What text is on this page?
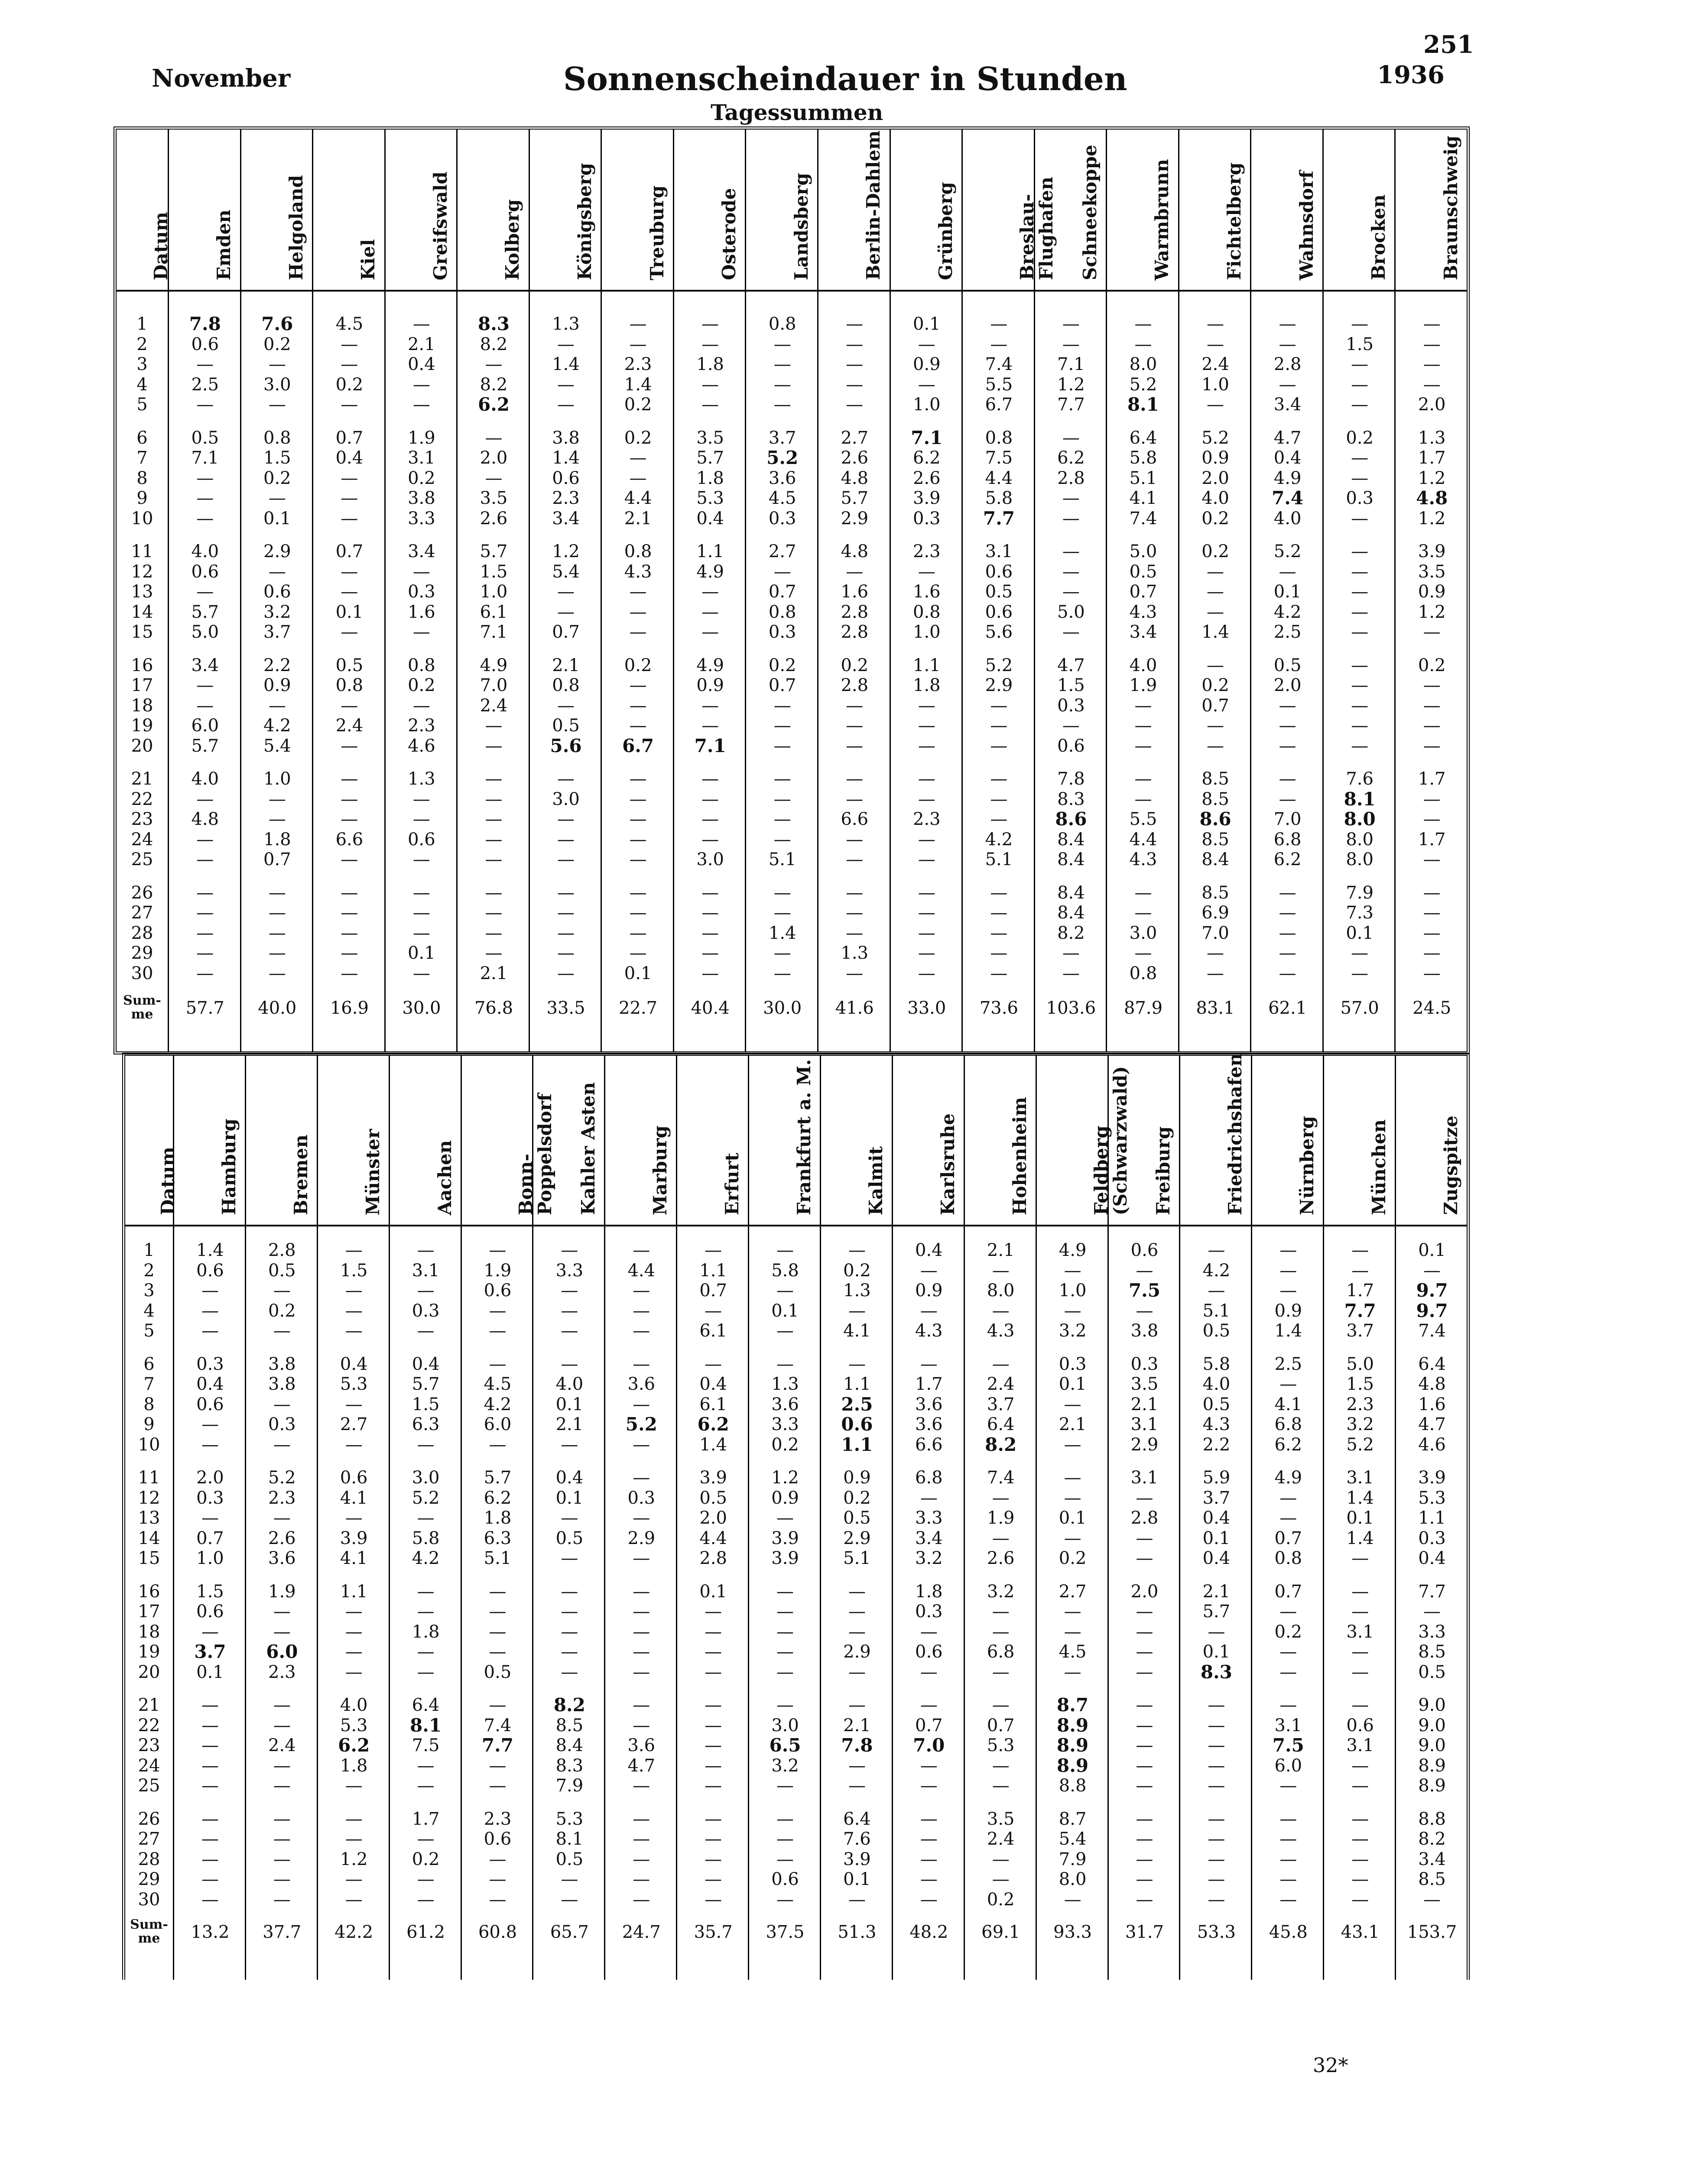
November	Sonnenscheindauer in Stunden
Tagessummen
251
1936
Datum
1
2
3
4
5
6
7
8
9
10
11
12
13
14
15
16
17
18
19
20
21
22
23
24
25
26
27
28
29
30
Sum-
me
Emden
7.8
0.6
—
2.5
—
0.5
7.1
—
—
—
4.0
0.6
—
5.7
5.0
3.4
—
—
6.0
5.7
4.0
—
4.8
—
—
—
—
—
—
—
57.7
Helgoland
7.6
0.2
—
3.0
—
0.8
1.5
0.2
—
0.1
2.9
—
0.6
3.2
3.7
2.2
0.9
—
4.2
5.4
1.0
—
—
1.8
0.7
—
—
—
—
—
40.0
Kiel
4.5
—
—
0.2
—
0.7
0.4
—
—
—
0.7
—
—
0.1
—
0.5
0.8
—
2.4
—
—
—
—
6.6
—
—
—
—
—
—
16.9
Greifswald
—
2.1
0.4
—
—
1.9
3.1
0.2
3.8
3.3
3.4
—
0.3
1.6
—
0.8
0.2
—
2.3
4.6
1.3
—
—
0.6
—
—
—
—
0.1
—
30.0
Kolberg
8.3
8.2
—
8.2
6.2
—
2.0
—
3.5
2.6
5.7
1.5
1.0
6.1
7.1
4.9
7.0
2.4
—
—
—
—
—
—
—
—
—
—
—
2.1
76.8
Königsberg
1.3
—
1.4
—
—
3.8
1.4
0.6
2.3
3.4
1.2
5.4
—
—
0.7
2.1
0.8
—
0.5
5.6
—
3.0
—
—
—
—
—
—
—
—
33.5
Treuburg
—
—
2.3
1.4
0.2
0.2
—
—
4.4
2.1
0.8
4.3
—
—
—
0.2
—
—
—
6.7
—
—
—
—
—
—
—
—
—
0.1
22.7
Osterode
—
—
1.8
—
—
3.5
5.7
1.8
5.3
0.4
1.1
4.9
—
—
—
4.9
0.9
—
—
7.1
—
—
—
—
3.0
—
—
—
—
—
40.4
Landsberg
0.8
—
—
—
—
3.7
5.2
3.6
4.5
0.3
2.7
—
0.7
0.8
0.3
0.2
0.7
—
—
—
—
—
—
—
5.1
—
—
1.4
—
—
30.0
Berlin-Dahlem
—
—
—
—
—
2.7
2.6
4.8
5.7
2.9
4.8
—
1.6
2.8
2.8
0.2
2.8
—
—
—
—
—
6.6
—
—
—
—
—
1.3
—
41.6
Grünberg
0.1
—
0.9
—
1.0
7.1
6.2
2.6
3.9
0.3
2.3
—
1.6
0.8
1.0
1.1
1.8
—
—
—
—
—
2.3
—
—
—
—
—
—
—
33.0
Breslau-
Flughafen
—
—
7.4
5.5
6.7
0.8
7.5
4.4
5.8
7.7
3.1
0.6
0.5
0.6
5.6
5.2
2.9
—
—
—
—
—
—
4.2
5.1
—
—
—
—
—
73.6
Schneekoppe
—
—
7.1
1.2
7.7
—
6.2
2.8
—
—
—
—
—
5.0
—
4.7
1.5
0.3
—
0.6
7.8
8.3
8.6
8.4
8.4
8.4
8.4
8.2
—
—
103.6
Warmbrunn
—
—
8.0
5.2
8.1
6.4
5.8
5.1
4.1
7.4
5.0
0.5
0.7
4.3
3.4
4.0
1.9
—
—
—
—
—
5.5
4.4
4.3
—
—
3.0
—
0.8
87.9
Fichtelberg
—
—
2.4
1.0
—
5.2
0.9
2.0
4.0
0.2
0.2
—
—
—
1.4
—
0.2
0.7
—
—
8.5
8.5
8.6
8.5
8.4
8.5
6.9
7.0
—
—
83.1
Wahnsdorf
—
—
2.8
—
3.4
4.7
0.4
4.9
7.4
4.0
5.2
—
0.1
4.2
2.5
0.5
2.0
—
—
—
—
—
7.0
6.8
6.2
—
—
—
—
—
62.1
Brocken
—
1.5
—
—
—
0.2
—
—
0.3
—
—
—
—
—
—
—
—
—
—
—
7.6
8.1
8.0
8.0
8.0
7.9
7.3
0.1
—
—
57.0
Braunschweig
—
—
—
—
2.0
1.3
1.7
1.2
4.8
1.2
3.9
3.5
0.9
1.2
—
0.2
—
—
—
—
1.7
—
—
1.7
—
—
—
—
—
—
24.5
Datum
1
2
3
4
5
6
7
8
9
10
11
12
13
14
15
16
17
18
19
20
21
22
23
24
25
26
27
28
29
30
Sum-
me
Hamburg
1.4
0.6
—
—
—
0.3
0.4
0.6
—
—
2.0
0.3
—
0.7
1.0
1.5
0.6
—
3.7
0.1
—
—
—
—
—
—
—
—
—
—
13.2
Bremen
2.8
0.5
—
0.2
—
3.8
3.8
—
0.3
—
5.2
2.3
—
2.6
3.6
1.9
—
—
6.0
2.3
—
—
2.4
—
—
—
—
—
—
—
37.7
Münster
—
1.5
—
—
—
0.4
5.3
—
2.7
—
0.6
4.1
—
3.9
4.1
1.1
—
—
—
—
4.0
5.3
6.2
1.8
—
—
—
1.2
—
—
42.2
Aachen
—
3.1
—
0.3
—
0.4
5.7
1.5
6.3
—
3.0
5.2
—
5.8
4.2
—
—
1.8
—
—
6.4
8.1
7.5
—
—
1.7
—
0.2
—
—
61.2
Bonn-
Poppelsdorf
—
1.9
0.6
—
—
—
4.5
4.2
6.0
—
5.7
6.2
1.8
6.3
5.1
—
—
—
—
0.5
—
7.4
7.7
—
—
2.3
0.6
—
—
—
60.8
Kahler Asten
—
3.3
—
—
—
—
4.0
0.1
2.1
—
0.4
0.1
—
0.5
—
—
—
—
—
—
8.2
8.5
8.4
8.3
7.9
5.3
8.1
0.5
—
—
65.7
Marburg
—
4.4
—
—
—
—
3.6
—
5.2
—
—
0.3
—
2.9
—
—
—
—
—
—
—
—
3.6
4.7
—
—
—
—
—
—
24.7
Erfurt
—
1.1
0.7
—
6.1
—
0.4
6.1
6.2
1.4
3.9
0.5
2.0
4.4
2.8
0.1
—
—
—
—
—
—
—
—
—
—
—
—
—
—
35.7
Frankfurt a. M.
—
5.8
—
0.1
—
—
1.3
3.6
3.3
0.2
1.2
0.9
—
3.9
3.9
—
—
—
—
—
—
3.0
6.5
3.2
—
—
—
—
0.6
—
37.5
Kalmit
—
0.2
1.3
—
4.1
—
1.1
2.5
0.6
1.1
0.9
0.2
0.5
2.9
5.1
—
—
—
2.9
—
—
2.1
7.8
—
—
6.4
7.6
3.9
0.1
—
51.3
Karlsruhe
0.4
—
0.9
—
4.3
—
1.7
3.6
3.6
6.6
6.8
—
3.3
3.4
3.2
1.8
0.3
—
0.6
—
—
0.7
7.0
—
—
—
—
—
—
—
48.2
Hohenheim
2.1
—
8.0
—
4.3
—
2.4
3.7
6.4
8.2
7.4
—
1.9
—
2.6
3.2
—
—
6.8
—
—
0.7
5.3
—
—
3.5
2.4
—
—
0.2
69.1
Feldberg
(Schwarzwald)
4.9
—
1.0
—
3.2
0.3
0.1
—
2.1
—
—
—
0.1
—
0.2
2.7
—
—
4.5
—
8.7
8.9
8.9
8.9
8.8
8.7
5.4
7.9
8.0
—
93.3
Freiburg
0.6
—
7.5
—
3.8
0.3
3.5
2.1
3.1
2.9
3.1
—
2.8
—
—
2.0
—
—
—
—
—
—
—
—
—
—
—
—
—
—
31.7
Friedrichshafen
—
4.2
—
5.1
0.5
5.8
4.0
0.5
4.3
2.2
5.9
3.7
0.4
0.1
0.4
2.1
5.7
—
0.1
8.3
—
—
—
—
—
—
—
—
—
—
53.3
Nürnberg
—
—
—
0.9
1.4
2.5
—
4.1
6.8
6.2
4.9
—
—
0.7
0.8
0.7
—
0.2
—
—
—
3.1
7.5
6.0
—
—
—
—
—
—
45.8
München
—
—
1.7
7.7
3.7
5.0
1.5
2.3
3.2
5.2
3.1
1.4
0.1
1.4
—
—
—
3.1
—
—
—
0.6
3.1
—
—
—
—
—
—
—
43.1
Zugspitze
0.1
—
9.7
9.7
7.4
6.4
4.8
1.6
4.7
4.6
3.9
5.3
1.1
0.3
0.4
7.7
—
3.3
8.5
0.5
9.0
9.0
9.0
8.9
8.9
8.8
8.2
3.4
8.5
—
153.7
32*
